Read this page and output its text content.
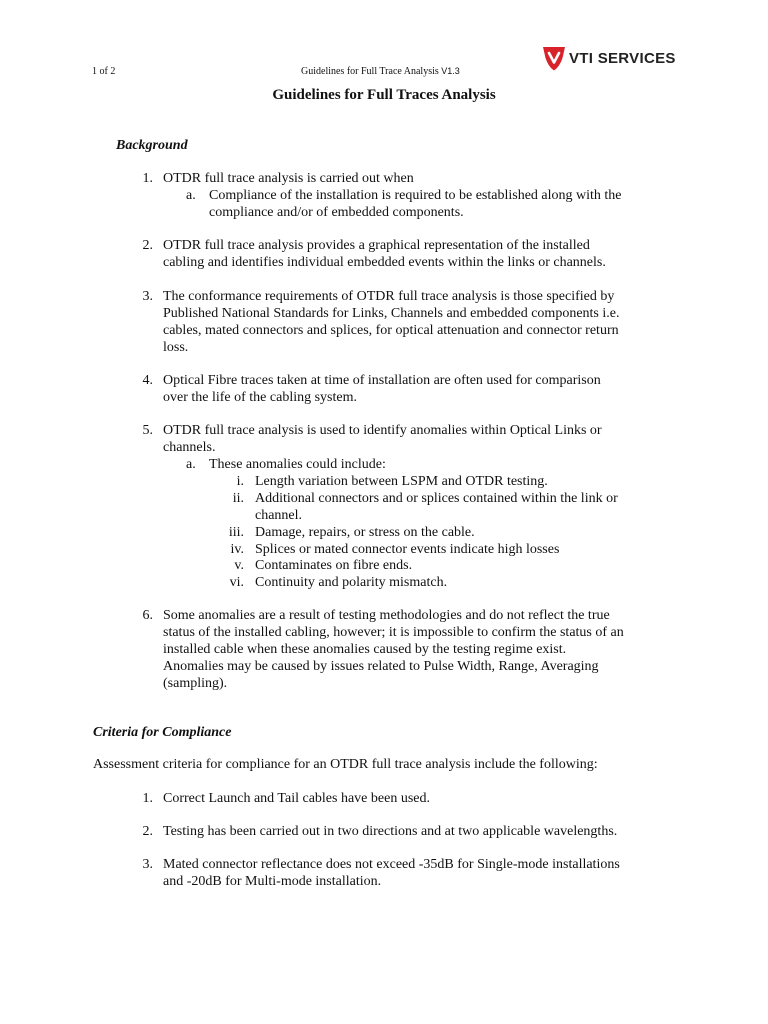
1 of 2	Guidelines for Full Trace Analysis V1.3
VTI SERVICES
Guidelines for Full Traces Analysis
Background
1. OTDR full trace analysis is carried out when
a. Compliance of the installation is required to be established along with the
compliance and/or of embedded components.
2. OTDR full trace analysis provides a graphical representation of the installed
cabling and identifies individual embedded events within the links or channels.
3. The conformance requirements of OTDR full trace analysis is those specified by
Published National Standards for Links, Channels and embedded components i.e.
cables, mated connectors and splices, for optical attenuation and connector return
loss.
4. Optical Fibre traces taken at time of installation are often used for comparison
over the life of the cabling system.
5. OTDR full trace analysis is used to identify anomalies within Optical Links or
channels.
a. These anomalies could include:
i. Length variation between LSPM and OTDR testing.
ii. Additional connectors and or splices contained within the link or
channel.
iii. Damage, repairs, or stress on the cable.
iv. Splices or mated connector events indicate high losses
v. Contaminates on fibre ends.
vi. Continuity and polarity mismatch.
6. Some anomalies are a result of testing methodologies and do not reflect the true
status of the installed cabling, however; it is impossible to confirm the status of an
installed cable when these anomalies caused by the testing regime exist.
Anomalies may be caused by issues related to Pulse Width, Range, Averaging
(sampling).
Criteria for Compliance
Assessment criteria for compliance for an OTDR full trace analysis include the following:
1. Correct Launch and Tail cables have been used.
2. Testing has been carried out in two directions and at two applicable wavelengths.
3. Mated connector reflectance does not exceed -35dB for Single-mode installations
and -20dB for Multi-mode installation.
